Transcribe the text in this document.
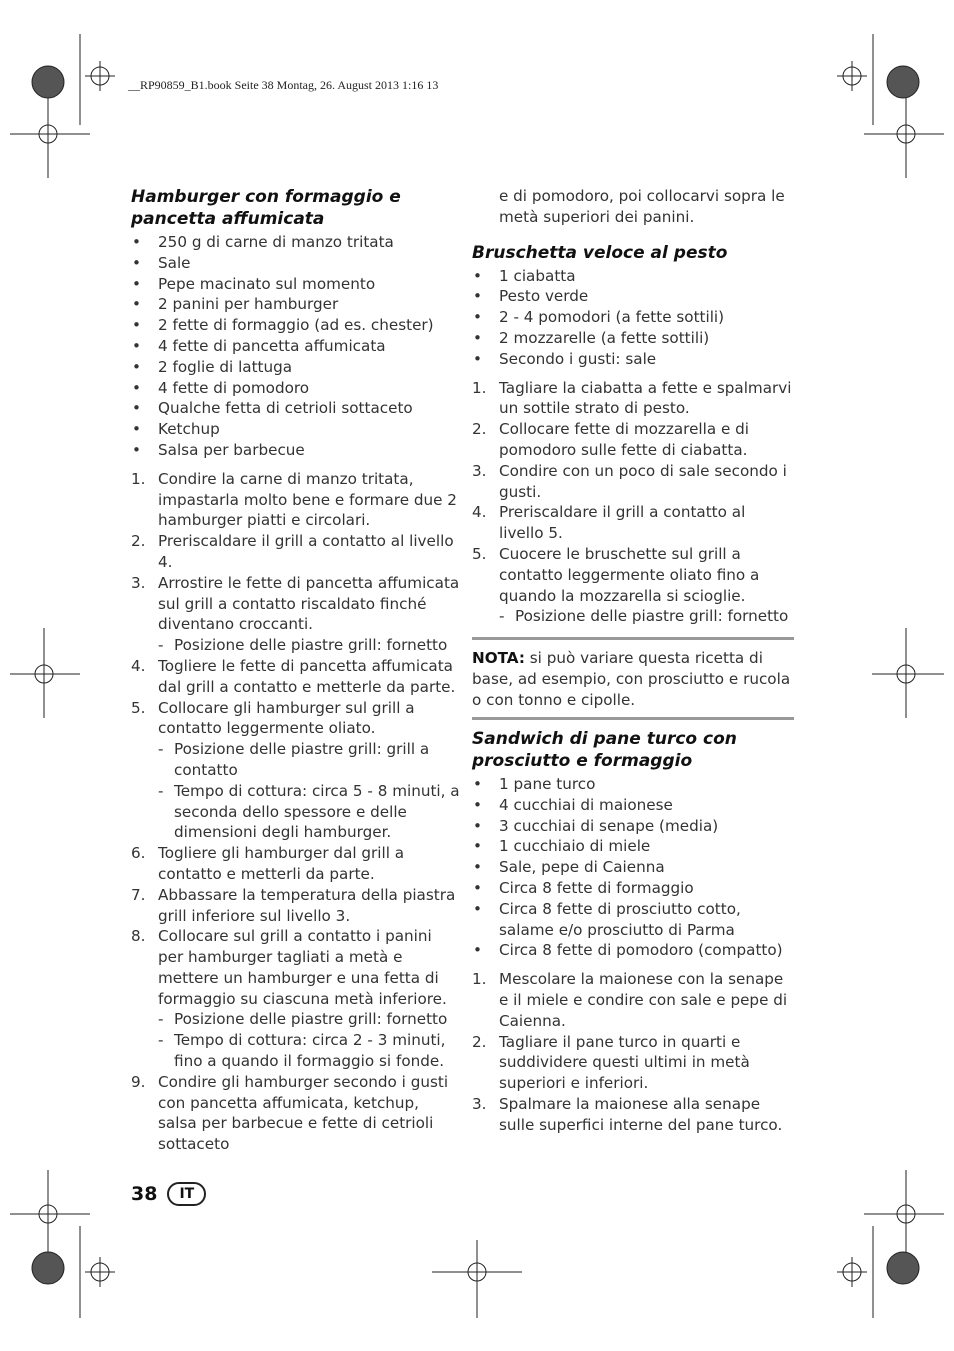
__RP90859_B1.book Seite 38 Montag, 26. August 2013 1:16 13
Hamburger con formaggio e pancetta affumicata
• 250 g di carne di manzo tritata
• Sale
• Pepe macinato sul momento
• 2 panini per hamburger
• 2 fette di formaggio (ad es. chester)
• 4 fette di pancetta affumicata
• 2 foglie di lattuga
• 4 fette di pomodoro
• Qualche fetta di cetrioli sottaceto
• Ketchup
• Salsa per barbecue
1. Condire la carne di manzo tritata, impastarla molto bene e formare due 2 hamburger piatti e circolari.
2. Preriscaldare il grill a contatto al livello 4.
3. Arrostire le fette di pancetta affumicata sul grill a contatto riscaldato finché diventano croccanti.
- Posizione delle piastre grill: fornetto
4. Togliere le fette di pancetta affumicata dal grill a contatto e metterle da parte.
5. Collocare gli hamburger sul grill a contatto leggermente oliato.
- Posizione delle piastre grill: grill a contatto
- Tempo di cottura: circa 5 - 8 minuti, a seconda dello spessore e delle dimensioni degli hamburger.
6. Togliere gli hamburger dal grill a contatto e metterli da parte.
7. Abbassare la temperatura della piastra grill inferiore sul livello 3.
8. Collocare sul grill a contatto i panini per hamburger tagliati a metà e mettere un hamburger e una fetta di formaggio su ciascuna metà inferiore.
- Posizione delle piastre grill: fornetto
- Tempo di cottura: circa 2 - 3 minuti, fino a quando il formaggio si fonde.
9. Condire gli hamburger secondo i gusti con pancetta affumicata, ketchup, salsa per barbecue e fette di cetrioli sottaceto
e di pomodoro, poi collocarvi sopra le metà superiori dei panini.
Bruschetta veloce al pesto
• 1 ciabatta
• Pesto verde
• 2 - 4 pomodori (a fette sottili)
• 2 mozzarelle (a fette sottili)
• Secondo i gusti: sale
1. Tagliare la ciabatta a fette e spalmarvi un sottile strato di pesto.
2. Collocare fette di mozzarella e di pomodoro sulle fette di ciabatta.
3. Condire con un poco di sale secondo i gusti.
4. Preriscaldare il grill a contatto al livello 5.
5. Cuocere le bruschette sul grill a contatto leggermente oliato fino a quando la mozzarella si scioglie.
- Posizione delle piastre grill: fornetto
NOTA: si può variare questa ricetta di base, ad esempio, con prosciutto e rucola o con tonno e cipolle.
Sandwich di pane turco con prosciutto e formaggio
• 1 pane turco
• 4 cucchiai di maionese
• 3 cucchiai di senape (media)
• 1 cucchiaio di miele
• Sale, pepe di Caienna
• Circa 8 fette di formaggio
• Circa 8 fette di prosciutto cotto, salame e/o prosciutto di Parma
• Circa 8 fette di pomodoro (compatto)
1. Mescolare la maionese con la senape e il miele e condire con sale e pepe di Caienna.
2. Tagliare il pane turco in quarti e suddividere questi ultimi in metà superiori e inferiori.
3. Spalmare la maionese alla senape sulle superfici interne del pane turco.
38	IT
